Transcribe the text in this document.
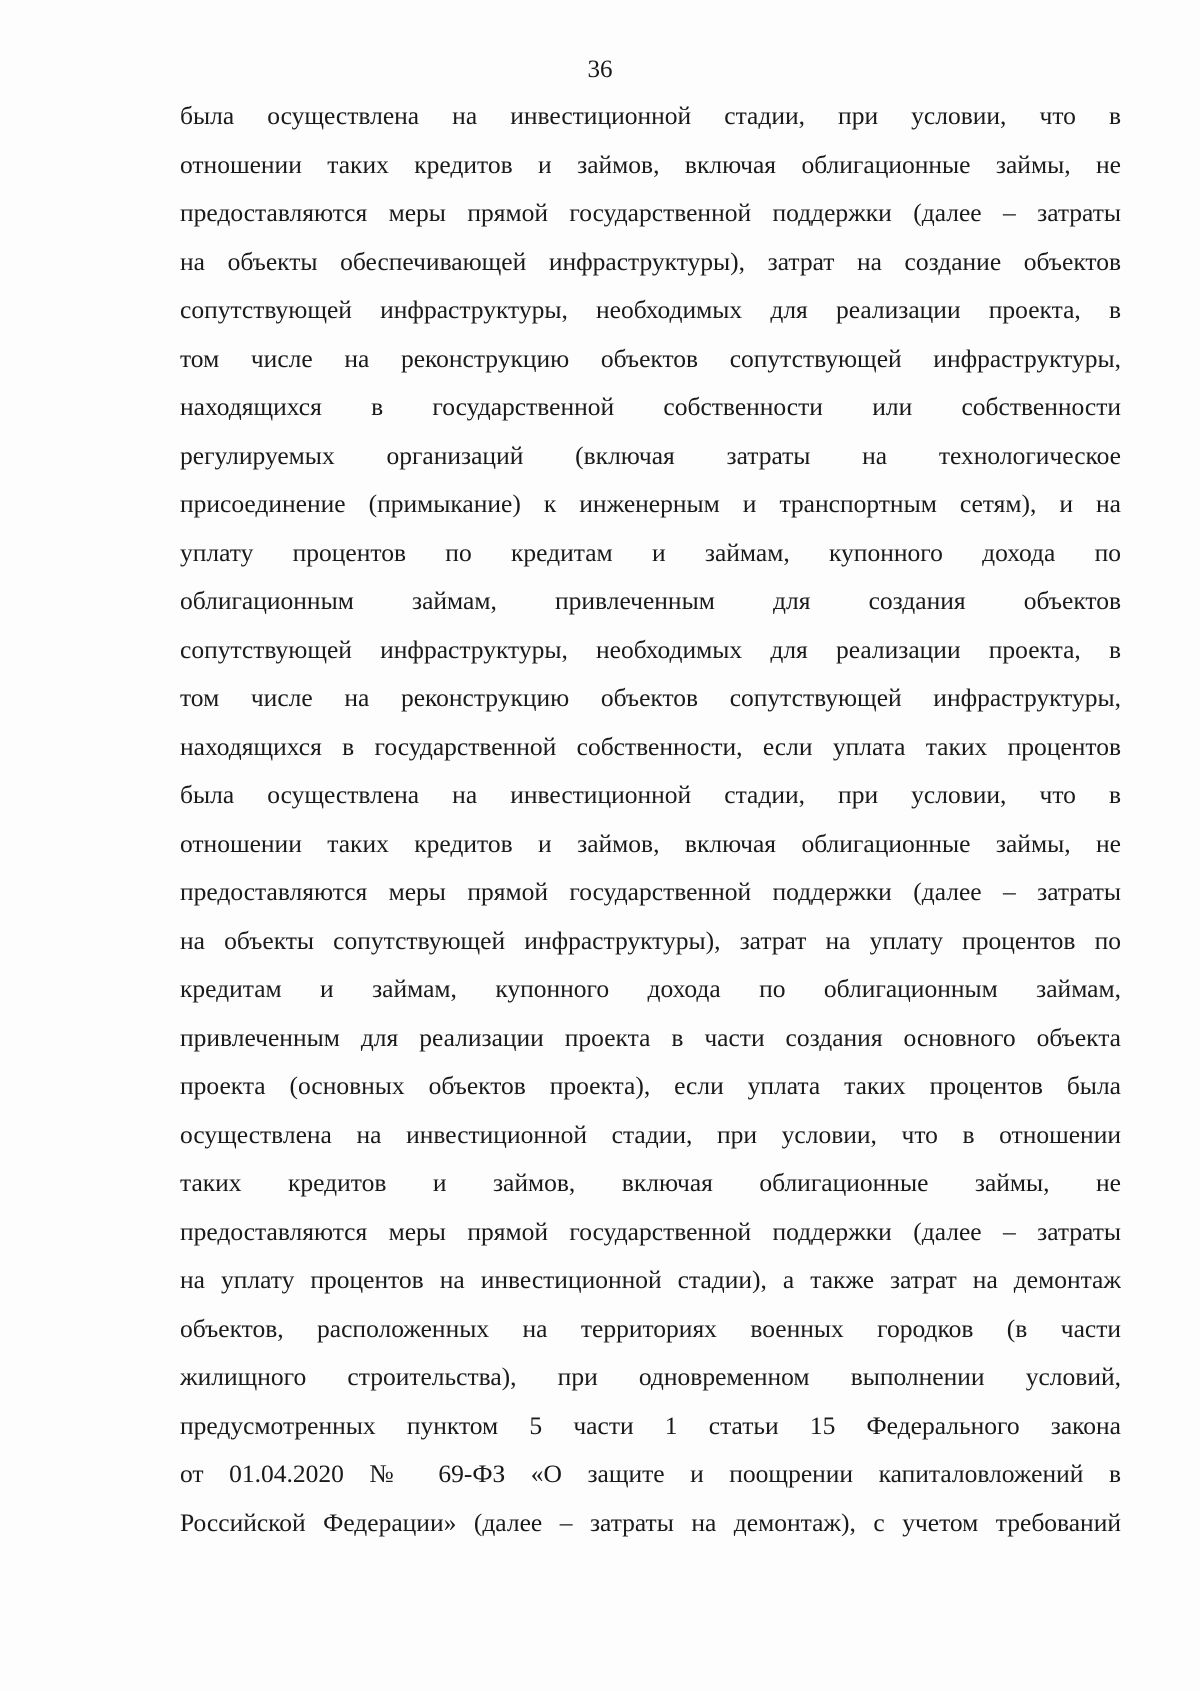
36
была осуществлена на инвестиционной стадии, при условии, что в
отношении таких кредитов и займов, включая облигационные займы, не
предоставляются меры прямой государственной поддержки (далее – затраты
на объекты обеспечивающей инфраструктуры), затрат на создание объектов
сопутствующей инфраструктуры, необходимых для реализации проекта, в
том числе на реконструкцию объектов сопутствующей инфраструктуры,
находящихся в государственной собственности или собственности
регулируемых организаций (включая затраты на технологическое
присоединение (примыкание) к инженерным и транспортным сетям), и на
уплату процентов по кредитам и займам, купонного дохода по
облигационным займам, привлеченным для создания объектов
сопутствующей инфраструктуры, необходимых для реализации проекта, в
том числе на реконструкцию объектов сопутствующей инфраструктуры,
находящихся в государственной собственности, если уплата таких процентов
была осуществлена на инвестиционной стадии, при условии, что в
отношении таких кредитов и займов, включая облигационные займы, не
предоставляются меры прямой государственной поддержки (далее – затраты
на объекты сопутствующей инфраструктуры), затрат на уплату процентов по
кредитам и займам, купонного дохода по облигационным займам,
привлеченным для реализации проекта в части создания основного объекта
проекта (основных объектов проекта), если уплата таких процентов была
осуществлена на инвестиционной стадии, при условии, что в отношении
таких кредитов и займов, включая облигационные займы, не
предоставляются меры прямой государственной поддержки (далее – затраты
на уплату процентов на инвестиционной стадии), а также затрат на демонтаж
объектов, расположенных на территориях военных городков (в части
жилищного строительства), при одновременном выполнении условий,
предусмотренных пунктом 5 части 1 статьи 15 Федерального закона
от 01.04.2020 № 69-ФЗ «О защите и поощрении капиталовложений в
Российской Федерации» (далее – затраты на демонтаж), с учетом требований
